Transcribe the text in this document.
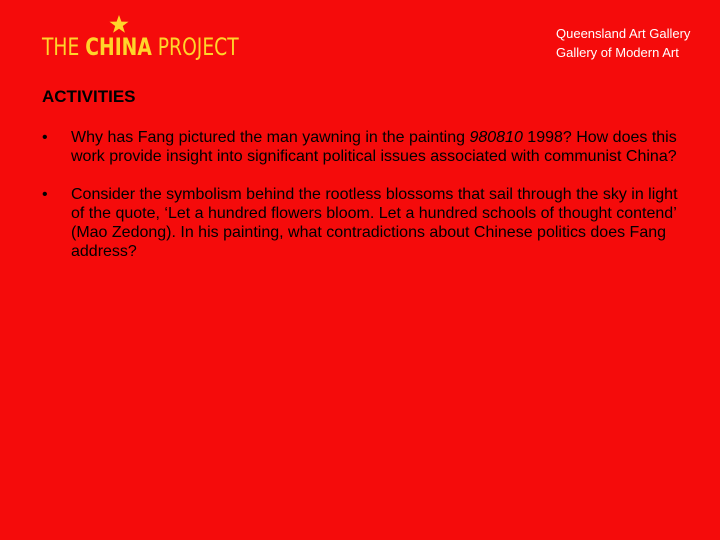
THE CHINA PROJECT	Queensland Art Gallery
Gallery of Modern Art
ACTIVITIES
•	Why has Fang pictured the man yawning in the painting 980810 1998? How does this work provide insight into significant political issues associated with communist China?
•	Consider the symbolism behind the rootless blossoms that sail through the sky in light of the quote, ‘Let a hundred flowers bloom. Let a hundred schools of thought contend’ (Mao Zedong). In his painting, what contradictions about Chinese politics does Fang address?
